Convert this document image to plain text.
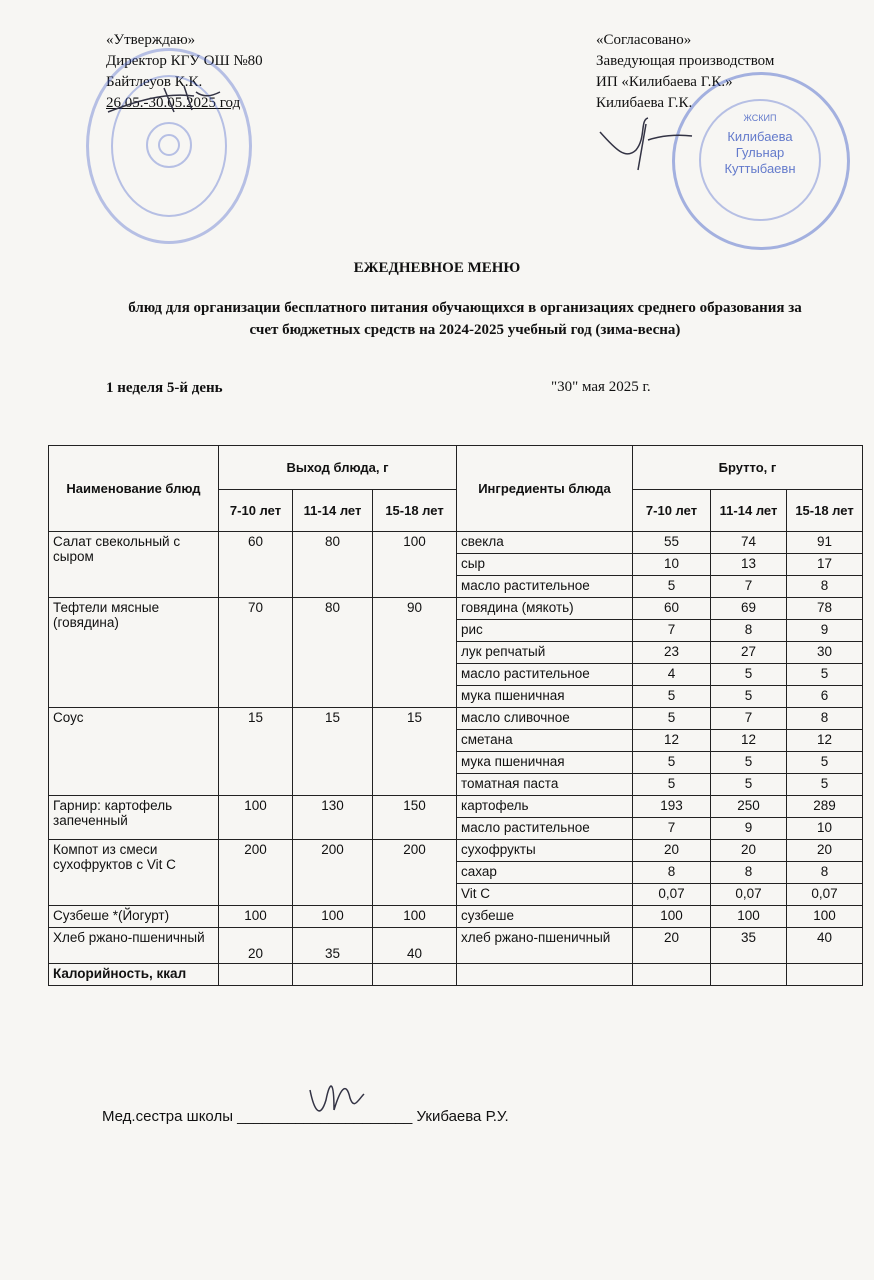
«Утверждаю»
Директор КГУ ОШ №80
Байтлеуов К.К.
26.05.-30.05.2025 год
«Согласовано»
Заведующая производством
ИП «Килибаева Г.К.»
Килибаева Г.К.
ЖСКИП
Килибаева
Гульнар
Куттыбаевн
ЕЖЕДНЕВНОЕ МЕНЮ
блюд для организации бесплатного питания обучающихся в организациях среднего образования за счет бюджетных средств на 2024-2025 учебный год (зима-весна)
1 неделя 5-й день	"30" мая 2025 г.
Наименование блюд	Выход блюда, г			Ингредиенты блюда	Брутто, г		
	7-10 лет	11-14 лет	15-18 лет		7-10 лет	11-14 лет	15-18 лет
Салат свекольный с сыром	60	80	100	свекла	55	74	91
				сыр	10	13	17
				масло растительное	5	7	8
Тефтели мясные (говядина)	70	80	90	говядина (мякоть)	60	69	78
				рис	7	8	9
				лук репчатый	23	27	30
				масло растительное	4	5	5
				мука пшеничная	5	5	6
Соус	15	15	15	масло сливочное	5	7	8
				сметана	12	12	12
				мука пшеничная	5	5	5
				томатная паста	5	5	5
Гарнир: картофель запеченный	100	130	150	картофель	193	250	289
				масло растительное	7	9	10
Компот из смеси сухофруктов с Vit C	200	200	200	сухофрукты	20	20	20
				сахар	8	8	8
				Vit C	0,07	0,07	0,07
Сузбеше *(Йогурт)	100	100	100	сузбеше	100	100	100
Хлеб ржано-пшеничный	20	35	40	хлеб ржано-пшеничный	20	35	40
Калорийность, ккал							
Мед.сестра школы _____________________ Укибаева Р.У.
